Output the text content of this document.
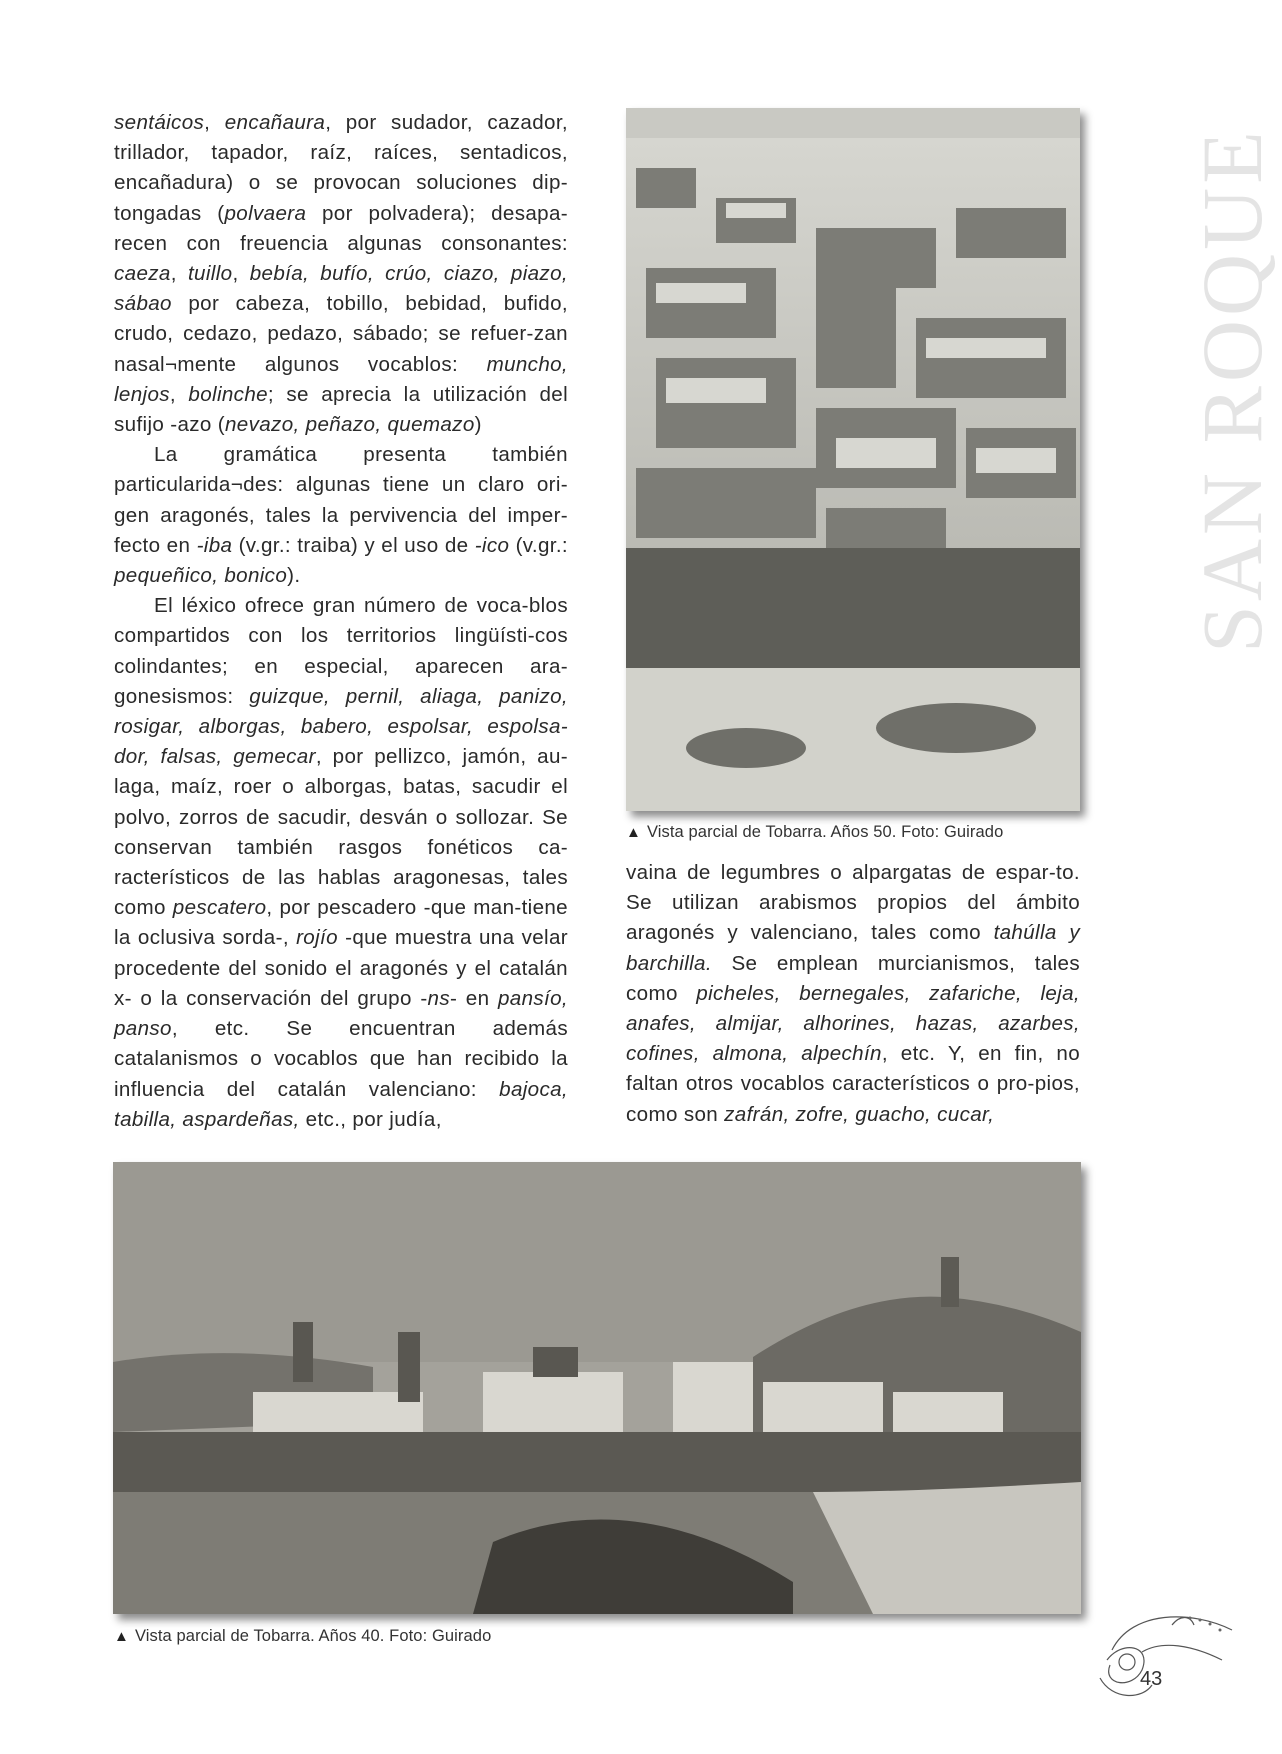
SAN ROQUE

sentáicos, encañaura, por sudador, cazador, trillador, tapador, raíz, raíces, sentadicos, encañadura) o se provocan soluciones dip-tongadas (polvaera por polvadera); desapa-recen con freuencia algunas consonantes: caeza, tuillo, bebía, bufío, crúo, ciazo, piazo, sábao por cabeza, tobillo, bebidad, bufido, crudo, cedazo, pedazo, sábado; se refuer-zan nasal¬mente algunos vocablos: muncho, lenjos, bolinche; se aprecia la utilización del sufijo -azo (nevazo, peñazo, quemazo)

La gramática presenta también particularida¬des: algunas tiene un claro ori-gen aragonés, tales la pervivencia del imper-fecto en -iba (v.gr.: traiba) y el uso de -ico (v.gr.: pequeñico, bonico).

El léxico ofrece gran número de voca-blos compartidos con los territorios lingüísti-cos colindantes; en especial, aparecen ara-gonesismos: guizque, pernil, aliaga, panizo, rosigar, alborgas, babero, espolsar, espolsa-dor, falsas, gemecar, por pellizco, jamón, au-laga, maíz, roer o alborgas, batas, sacudir el polvo, zorros de sacudir, desván o sollozar. Se conservan también rasgos fonéticos ca-racterísticos de las hablas aragonesas, tales como pescatero, por pescadero -que man-tiene la oclusiva sorda-, rojío -que muestra una velar procedente del sonido el aragonés y el catalán x- o la conservación del grupo -ns- en pansío, panso, etc. Se encuentran además catalanismos o vocablos que han recibido la influencia del catalán valenciano: bajoca, tabilla, aspardeñas, etc., por judía,

▲ Vista parcial de Tobarra. Años 50. Foto: Guirado

vaina de legumbres o alpargatas de espar-to. Se utilizan arabismos propios del ámbito aragonés y valenciano, tales como tahúlla y barchilla. Se emplean murcianismos, tales como picheles, bernegales, zafariche, leja, anafes, almijar, alhorines, hazas, azarbes, cofines, almona, alpechín, etc. Y, en fin, no faltan otros vocablos característicos o pro-pios, como son zafrán, zofre, guacho, cucar,

▲ Vista parcial de Tobarra. Años 40. Foto: Guirado
43
